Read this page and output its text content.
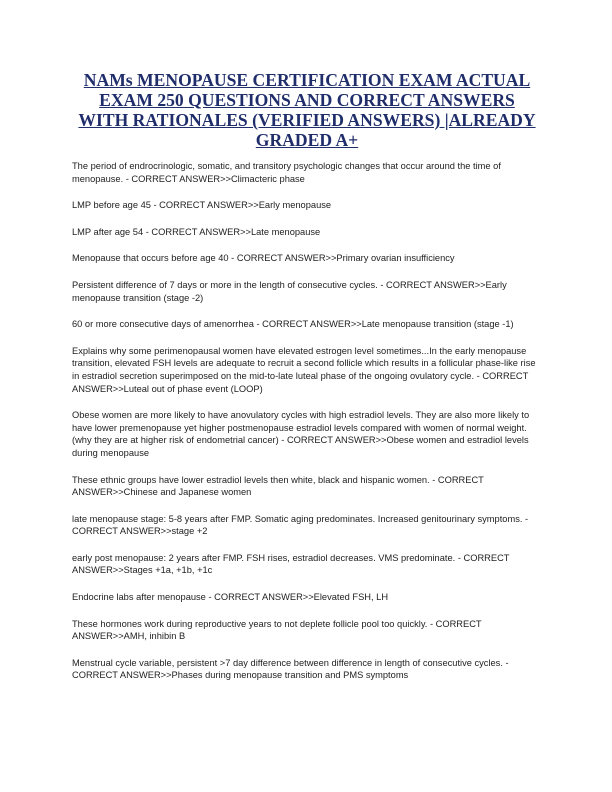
NAMs MENOPAUSE CERTIFICATION EXAM ACTUAL EXAM 250 QUESTIONS AND CORRECT ANSWERS WITH RATIONALES (VERIFIED ANSWERS) |ALREADY GRADED A+

The period of endrocrinologic, somatic, and transitory psychologic changes that occur around the time of menopause. - CORRECT ANSWER>>Climacteric phase

LMP before age 45 - CORRECT ANSWER>>Early menopause

LMP after age 54 - CORRECT ANSWER>>Late menopause

Menopause that occurs before age 40 - CORRECT ANSWER>>Primary ovarian insufficiency

Persistent difference of 7 days or more in the length of consecutive cycles. - CORRECT ANSWER>>Early menopause transition (stage -2)

60 or more consecutive days of amenorrhea - CORRECT ANSWER>>Late menopause transition (stage -1)

Explains why some perimenopausal women have elevated estrogen level sometimes...In the early menopause transition, elevated FSH levels are adequate to recruit a second follicle which results in a follicular phase-like rise in estradiol secretion superimposed on the mid-to-late luteal phase of the ongoing ovulatory cycle. - CORRECT ANSWER>>Luteal out of phase event (LOOP)

Obese women are more likely to have anovulatory cycles with high estradiol levels. They are also more likely to have lower premenopause yet higher postmenopause estradiol levels compared with women of normal weight. (why they are at higher risk of endometrial cancer) - CORRECT ANSWER>>Obese women and estradiol levels during menopause

These ethnic groups have lower estradiol levels then white, black and hispanic women. - CORRECT ANSWER>>Chinese and Japanese women

late menopause stage: 5-8 years after FMP. Somatic aging predominates. Increased genitourinary symptoms. - CORRECT ANSWER>>stage +2

early post menopause: 2 years after FMP. FSH rises, estradiol decreases. VMS predominate. - CORRECT ANSWER>>Stages +1a, +1b, +1c

Endocrine labs after menopause - CORRECT ANSWER>>Elevated FSH, LH

These hormones work during reproductive years to not deplete follicle pool too quickly. - CORRECT ANSWER>>AMH, inhibin B

Menstrual cycle variable, persistent >7 day difference between difference in length of consecutive cycles. - CORRECT ANSWER>>Phases during menopause transition and PMS symptoms
